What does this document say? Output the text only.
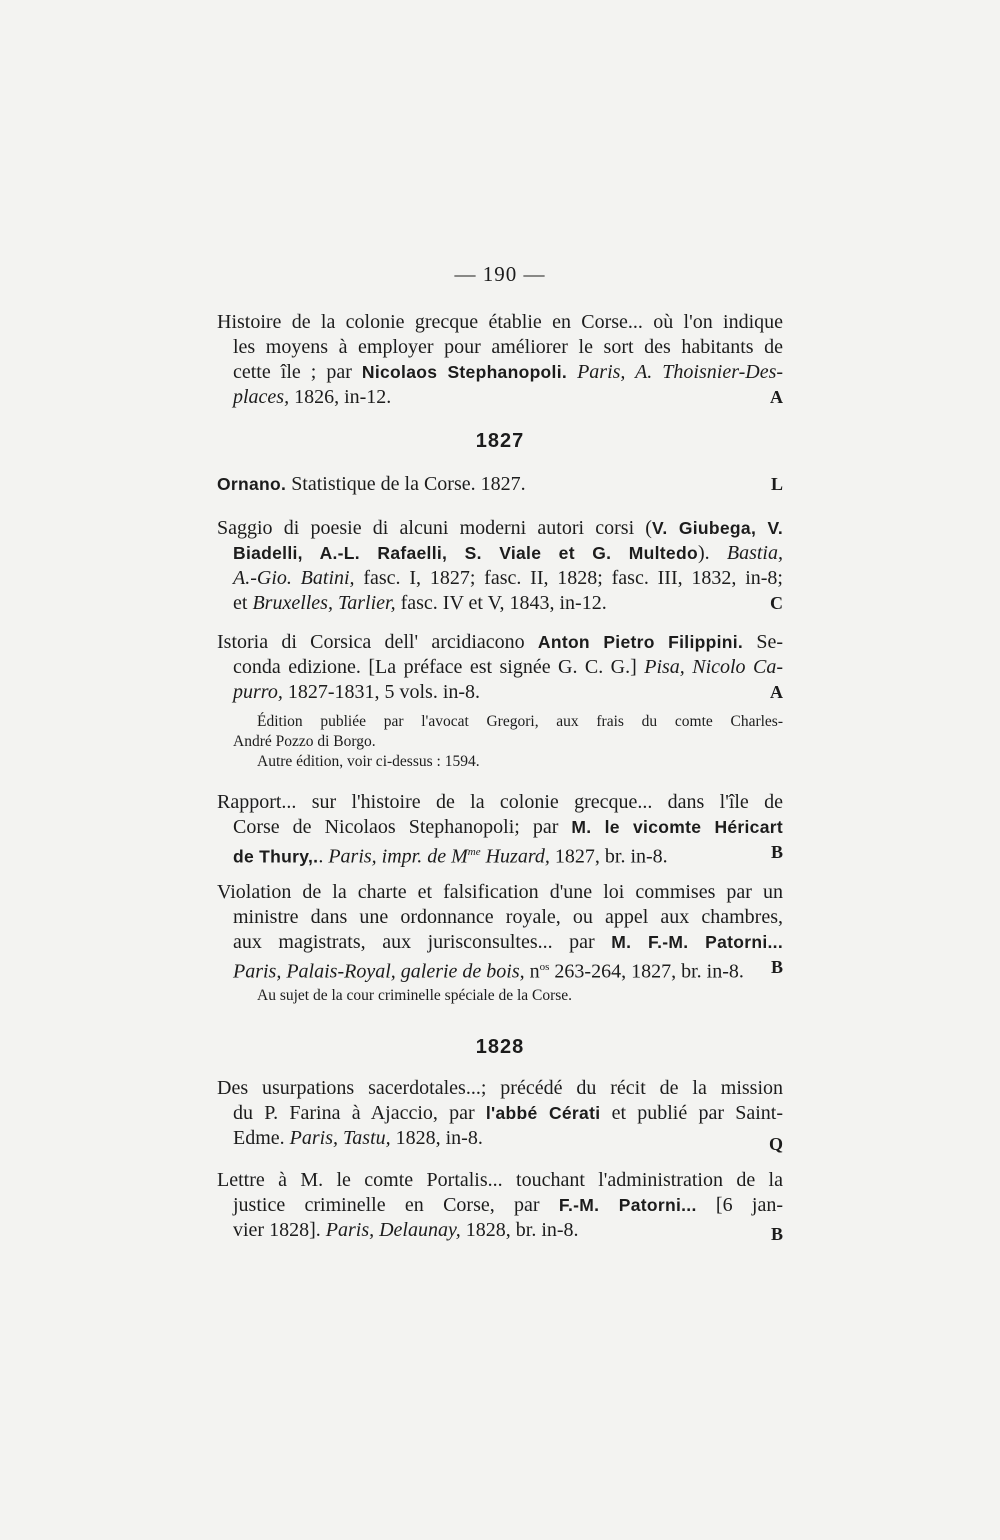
— 190 —
Histoire de la colonie grecque établie en Corse... où l'on indique
les moyens à employer pour améliorer le sort des habitants de
cette île ; par Nicolaos Stephanopoli. Paris, A. Thoisnier-Des-
places, 1826, in-12.	A
1827
Ornano. Statistique de la Corse. 1827.	L
Saggio di poesie di alcuni moderni autori corsi (V. Giubega, V.
Biadelli, A.-L. Rafaelli, S. Viale et G. Multedo). Bastia,
A.-Gio. Batini, fasc. I, 1827; fasc. II, 1828; fasc. III, 1832, in-8;
et Bruxelles, Tarlier, fasc. IV et V, 1843, in-12.	C
Istoria di Corsica dell' arcidiacono Anton Pietro Filippini. Se-
conda edizione. [La préface est signée G. C. G.] Pisa, Nicolo Ca-
purro, 1827-1831, 5 vols. in-8.	A
Édition publiée par l'avocat Gregori, aux frais du comte Charles-
André Pozzo di Borgo.
Autre édition, voir ci-dessus : 1594.
Rapport... sur l'histoire de la colonie grecque... dans l'île de
Corse de Nicolaos Stephanopoli; par M. le vicomte Héricart
de Thury,.. Paris, impr. de $M^{me}$ Huzard, 1827, br. in-8.	B
Violation de la charte et falsification d'une loi commises par un
ministre dans une ordonnance royale, ou appel aux chambres,
aux magistrats, aux jurisconsultes... par M. F.-M. Patorni...
Paris, Palais-Royal, galerie de bois, $n^{os}$ 263-264, 1827, br. in-8. B
Au sujet de la cour criminelle spéciale de la Corse.
1828
Des usurpations sacerdotales...; précédé du récit de la mission
du P. Farina à Ajaccio, par l'abbé Cérati et publié par Saint-
Edme. Paris, Tastu, 1828, in-8.	Q
Lettre à M. le comte Portalis... touchant l'administration de la
justice criminelle en Corse, par F.-M. Patorni... [6 jan-
vier 1828]. Paris, Delaunay, 1828, br. in-8.	B
